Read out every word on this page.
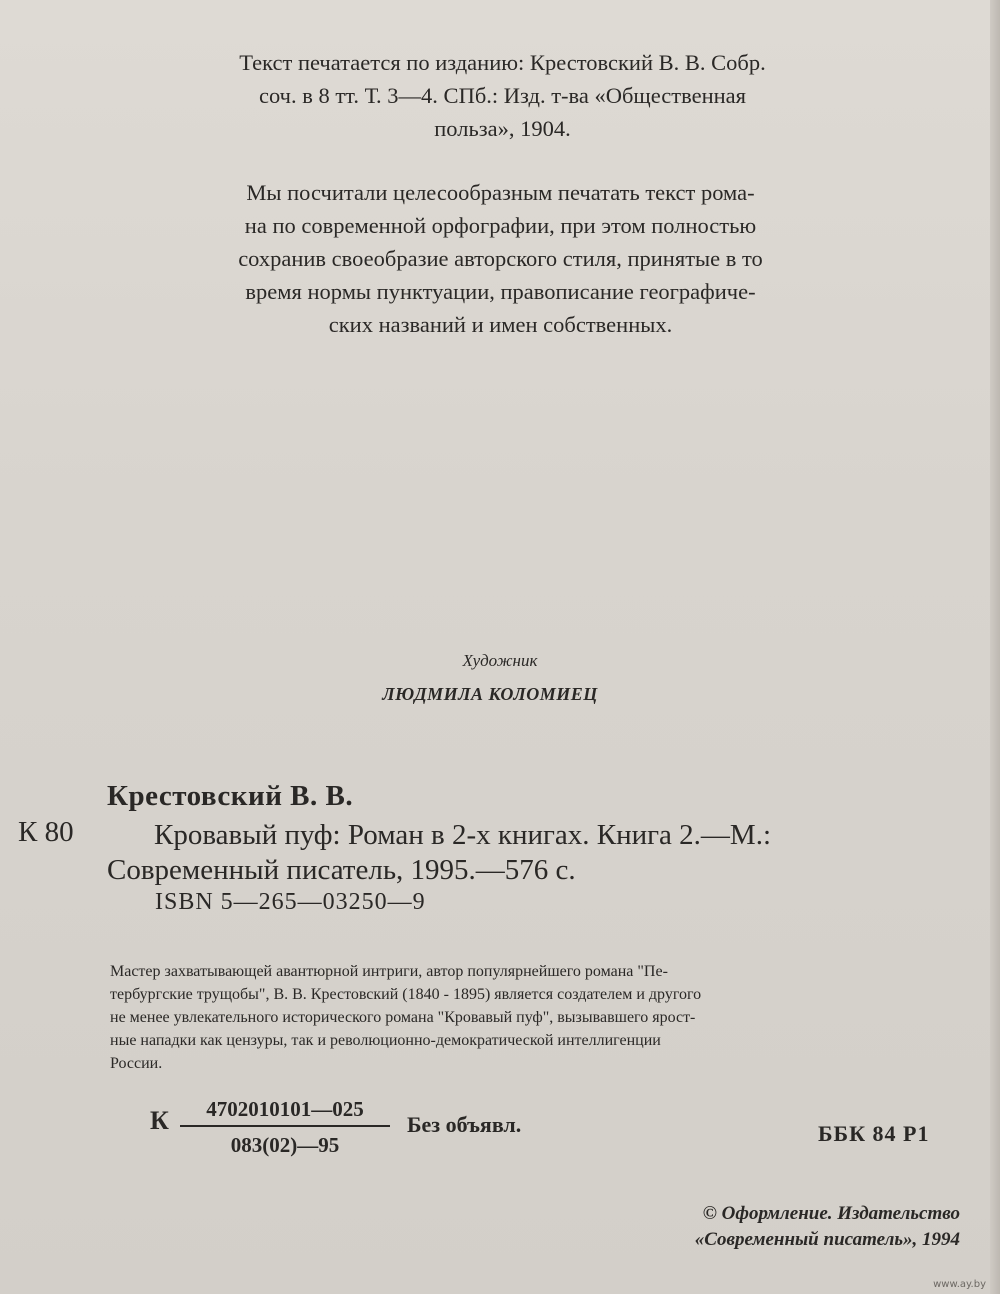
Текст печатается по изданию: Крестовский В. В. Собр.
соч. в 8 тт. Т. 3—4. СПб.: Изд. т-ва «Общественная
польза», 1904.
Мы посчитали целесообразным печатать текст рома-
на по современной орфографии, при этом полностью
сохранив своеобразие авторского стиля, принятые в то
время нормы пунктуации, правописание географиче-
ских названий и имен собственных.
Художник
ЛЮДМИЛА КОЛОМИЕЦ
Крестовский В. В.
К 80	Кровавый пуф: Роман в 2-х книгах. Книга 2.—М.:
Современный писатель, 1995.—576 с.
ISBN 5—265—03250—9
Мастер захватывающей авантюрной интриги, автор популярнейшего романа "Пе-
тербургские трущобы", В. В. Крестовский (1840 - 1895) является создателем и другого
не менее увлекательного исторического романа "Кровавый пуф", вызывавшего ярост-
ные нападки как цензуры, так и революционно-демократической интеллигенции
России.
К $\frac{4702010101—025}{083(02)—95}$ Без объявл.	ББК 84 Р1
© Оформление. Издательство
«Современный писатель», 1994
www.ay.by
